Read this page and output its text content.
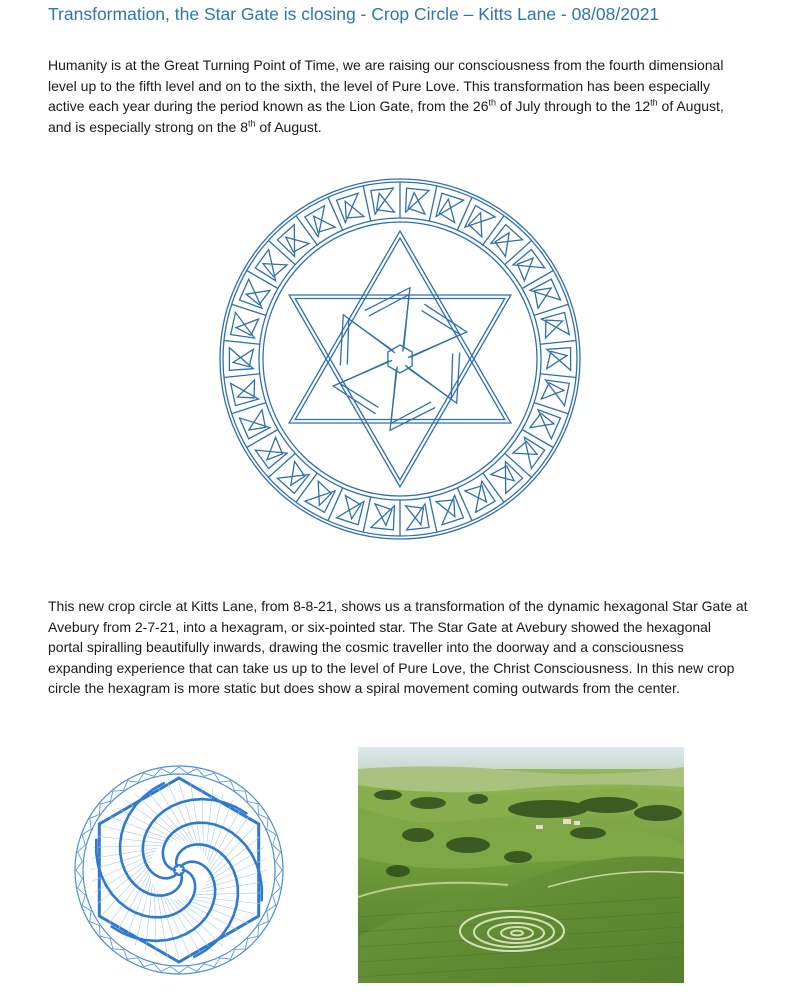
Transformation, the Star Gate is closing - Crop Circle – Kitts Lane - 08/08/2021

Humanity is at the Great Turning Point of Time, we are raising our consciousness from the fourth dimensional level up to the fifth level and on to the sixth, the level of Pure Love. This transformation has been especially active each year during the period known as the Lion Gate, from the 26th of July through to the 12th of August, and is especially strong on the 8th of August.

This new crop circle at Kitts Lane, from 8-8-21, shows us a transformation of the dynamic hexagonal Star Gate at Avebury from 2-7-21, into a hexagram, or six-pointed star. The Star Gate at Avebury showed the hexagonal portal spiralling beautifully inwards, drawing the cosmic traveller into the doorway and a consciousness expanding experience that can take us up to the level of Pure Love, the Christ Consciousness. In this new crop circle the hexagram is more static but does show a spiral movement coming outwards from the center.
